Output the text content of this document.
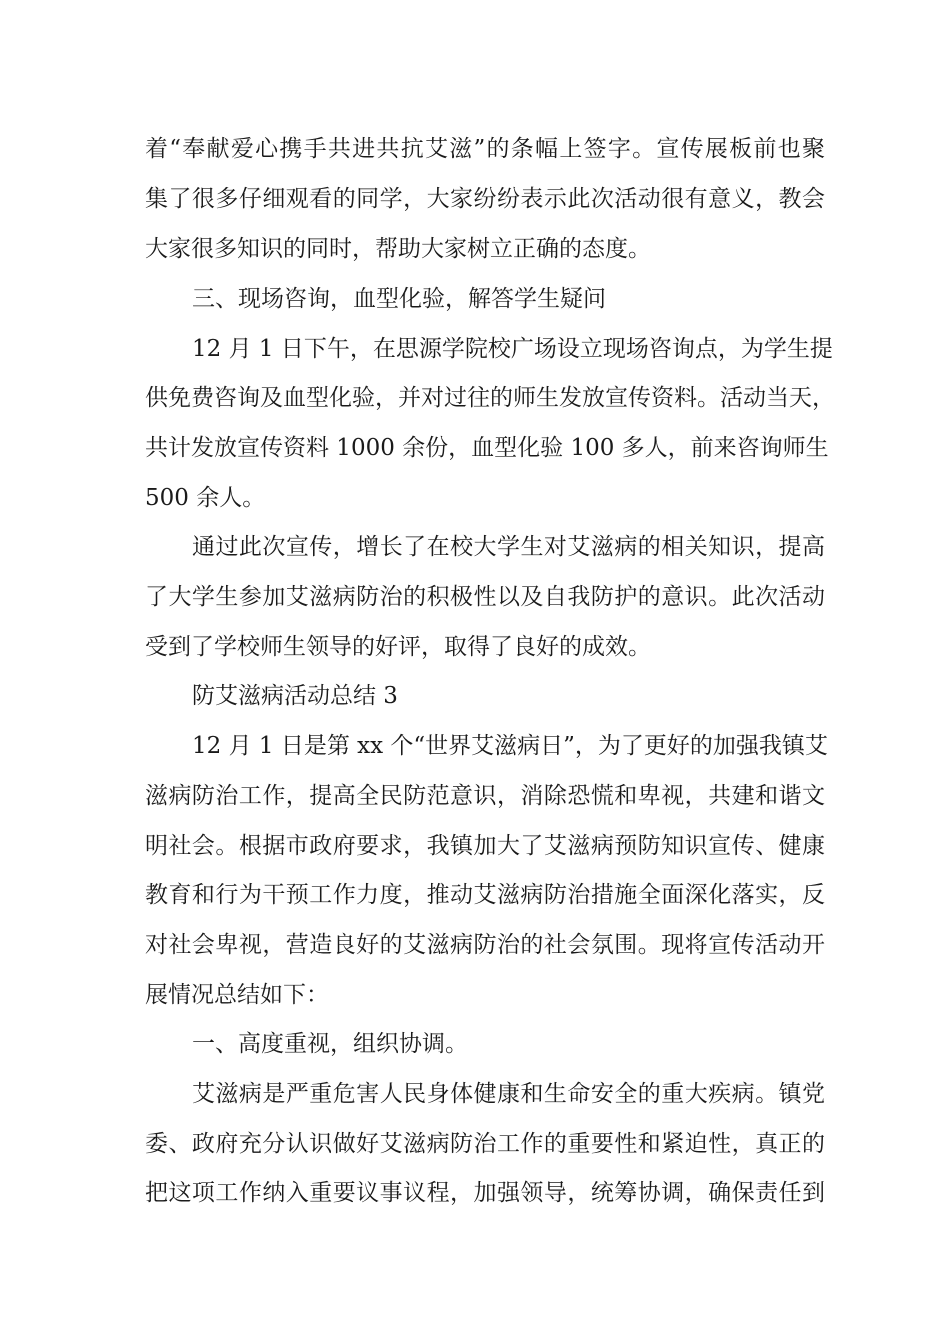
着“奉献爱心携手共进共抗艾滋”的条幅上签字。宣传展板前也聚
集了很多仔细观看的同学，大家纷纷表示此次活动很有意义，教会
大家很多知识的同时，帮助大家树立正确的态度。
三、现场咨询，血型化验，解答学生疑问
12 月 1 日下午，在思源学院校广场设立现场咨询点，为学生提
供免费咨询及血型化验，并对过往的师生发放宣传资料。活动当天，
共计发放宣传资料 1000 余份，血型化验 100 多人，前来咨询师生
500 余人。
通过此次宣传，增长了在校大学生对艾滋病的相关知识，提高
了大学生参加艾滋病防治的积极性以及自我防护的意识。此次活动
受到了学校师生领导的好评，取得了良好的成效。
防艾滋病活动总结 3
12 月 1 日是第 xx 个“世界艾滋病日”，为了更好的加强我镇艾
滋病防治工作，提高全民防范意识，消除恐慌和卑视，共建和谐文
明社会。根据市政府要求，我镇加大了艾滋病预防知识宣传、健康
教育和行为干预工作力度，推动艾滋病防治措施全面深化落实，反
对社会卑视，营造良好的艾滋病防治的社会氛围。现将宣传活动开
展情况总结如下：
一、高度重视，组织协调。
艾滋病是严重危害人民身体健康和生命安全的重大疾病。镇党
委、政府充分认识做好艾滋病防治工作的重要性和紧迫性，真正的
把这项工作纳入重要议事议程，加强领导，统筹协调，确保责任到
